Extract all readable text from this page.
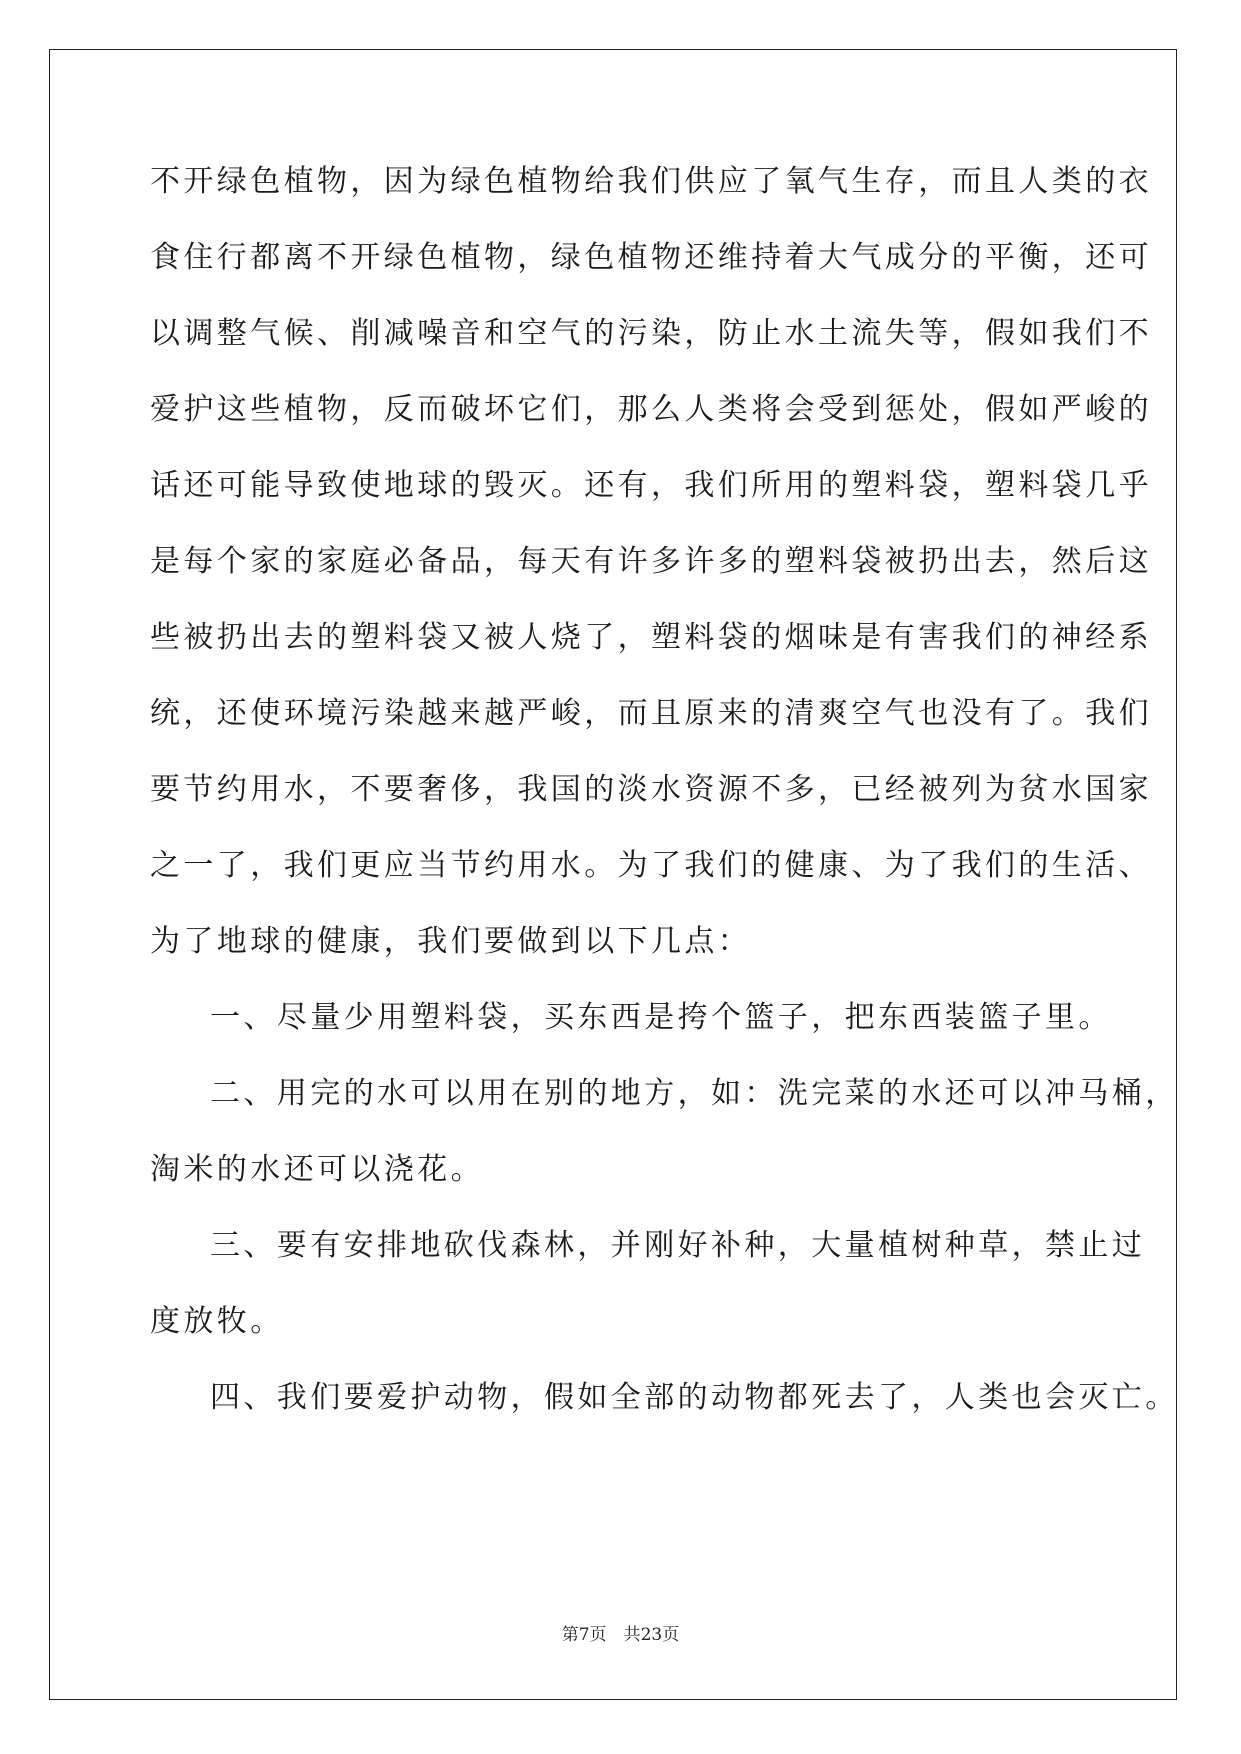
不开绿色植物，因为绿色植物给我们供应了氧气生存，而且人类的衣
食住行都离不开绿色植物，绿色植物还维持着大气成分的平衡，还可
以调整气候、削减噪音和空气的污染，防止水土流失等，假如我们不
爱护这些植物，反而破坏它们，那么人类将会受到惩处，假如严峻的
话还可能导致使地球的毁灭。还有，我们所用的塑料袋，塑料袋几乎
是每个家的家庭必备品，每天有许多许多的塑料袋被扔出去，然后这
些被扔出去的塑料袋又被人烧了，塑料袋的烟味是有害我们的神经系
统，还使环境污染越来越严峻，而且原来的清爽空气也没有了。我们
要节约用水，不要奢侈，我国的淡水资源不多，已经被列为贫水国家
之一了，我们更应当节约用水。为了我们的健康、为了我们的生活、
为了地球的健康，我们要做到以下几点：
一、尽量少用塑料袋，买东西是挎个篮子，把东西装篮子里。
二、用完的水可以用在别的地方，如：洗完菜的水还可以冲马桶，
淘米的水还可以浇花。
三、要有安排地砍伐森林，并刚好补种，大量植树种草，禁止过
度放牧。
四、我们要爱护动物，假如全部的动物都死去了，人类也会灭亡。
第7页　共23页
